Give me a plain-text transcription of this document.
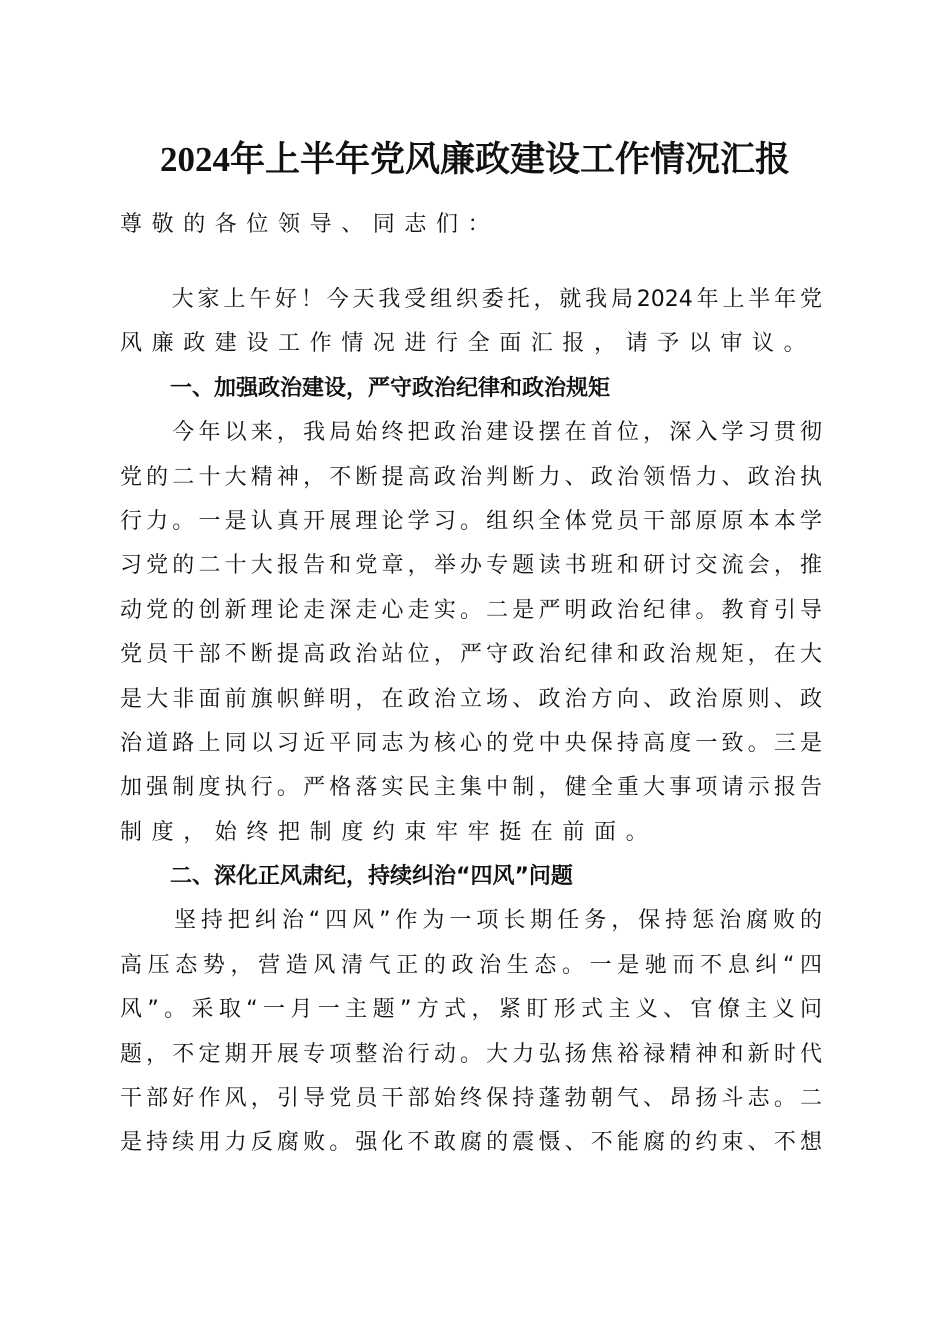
2024年上半年党风廉政建设工作情况汇报
尊敬的各位领导、同志们：
　　大家上午好！今天我受组织委托，就我局2024年上半年党
风廉政建设工作情况进行全面汇报，请予以审议。
一、加强政治建设，严守政治纪律和政治规矩
　　今年以来，我局始终把政治建设摆在首位，深入学习贯彻
党的二十大精神，不断提高政治判断力、政治领悟力、政治执
行力。一是认真开展理论学习。组织全体党员干部原原本本学
习党的二十大报告和党章，举办专题读书班和研讨交流会，推
动党的创新理论走深走心走实。二是严明政治纪律。教育引导
党员干部不断提高政治站位，严守政治纪律和政治规矩，在大
是大非面前旗帜鲜明，在政治立场、政治方向、政治原则、政
治道路上同以习近平同志为核心的党中央保持高度一致。三是
加强制度执行。严格落实民主集中制，健全重大事项请示报告
制度，始终把制度约束牢牢挺在前面。
二、深化正风肃纪，持续纠治“四风”问题
　　坚持把纠治“四风”作为一项长期任务，保持惩治腐败的
高压态势，营造风清气正的政治生态。一是驰而不息纠“四
风”。采取“一月一主题”方式，紧盯形式主义、官僚主义问
题，不定期开展专项整治行动。大力弘扬焦裕禄精神和新时代
干部好作风，引导党员干部始终保持蓬勃朝气、昂扬斗志。二
是持续用力反腐败。强化不敢腐的震慑、不能腐的约束、不想
